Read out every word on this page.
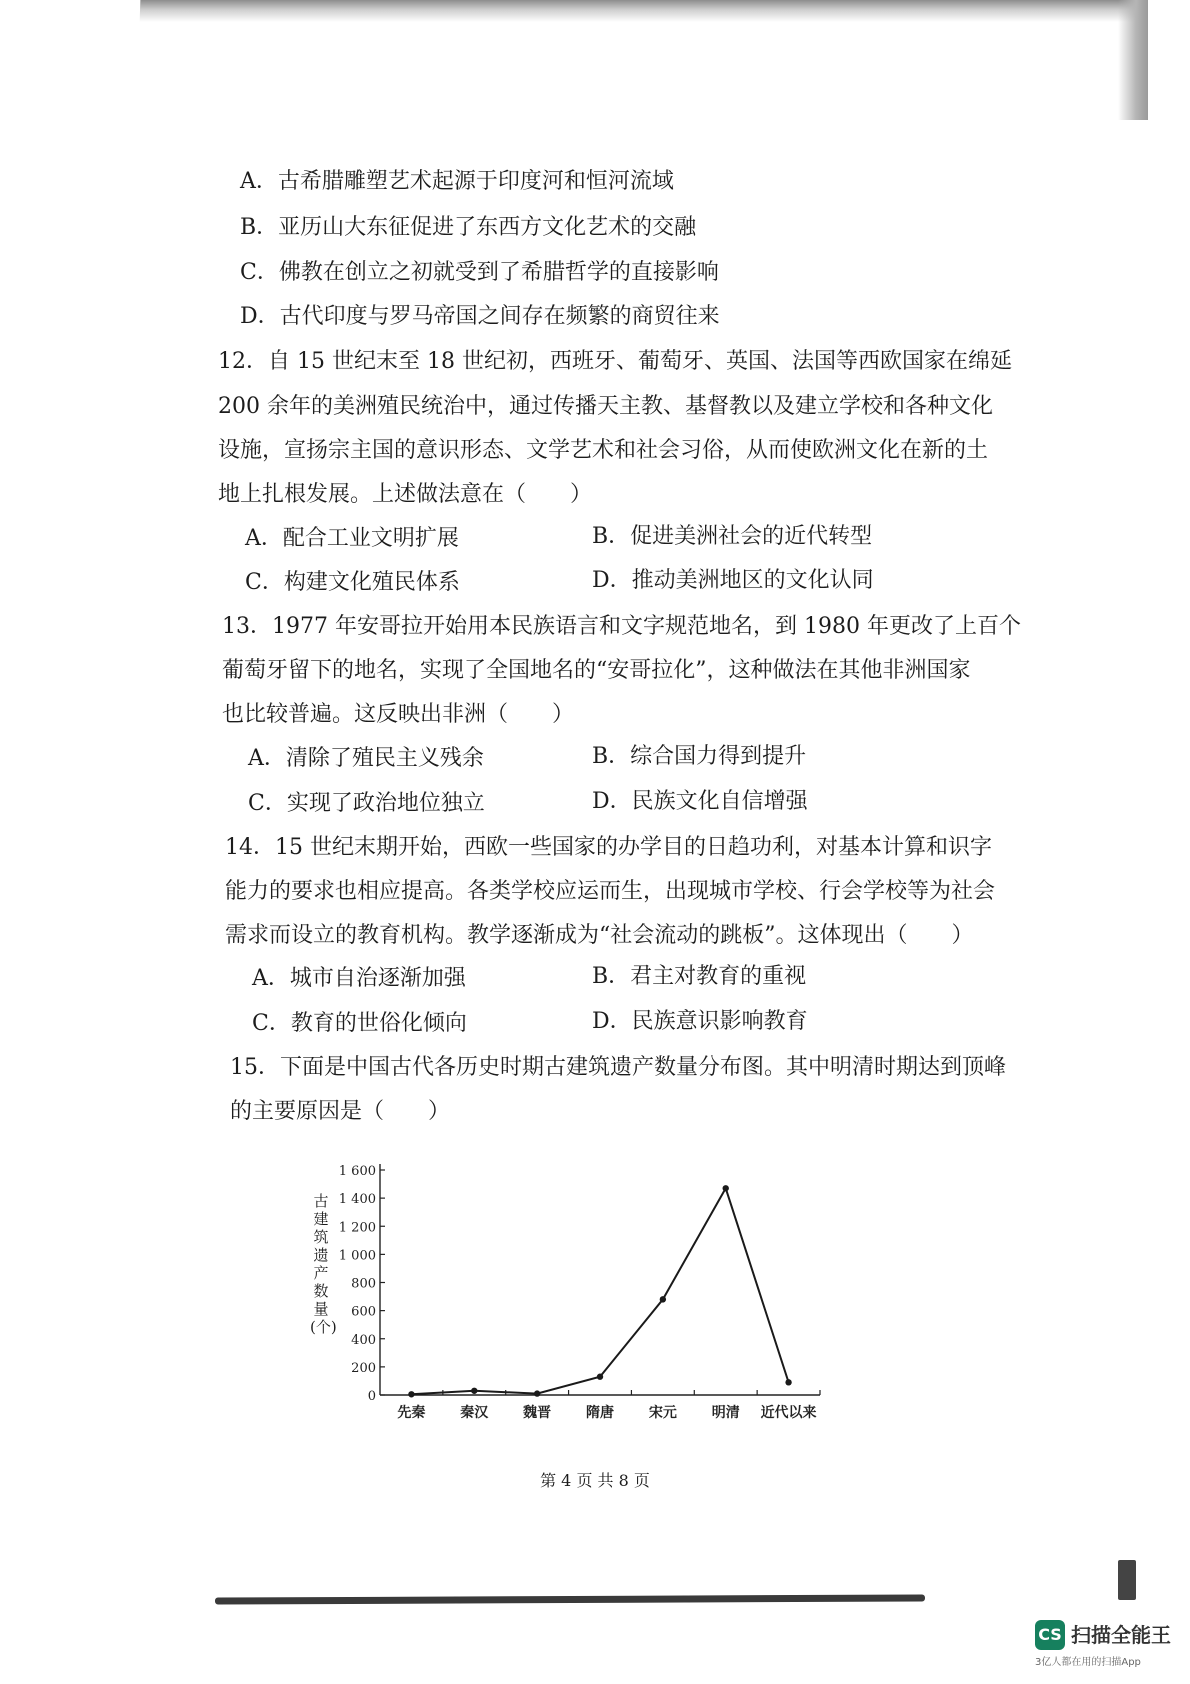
A．古希腊雕塑艺术起源于印度河和恒河流域
B．亚历山大东征促进了东西方文化艺术的交融
C．佛教在创立之初就受到了希腊哲学的直接影响
D．古代印度与罗马帝国之间存在频繁的商贸往来
12．自 15 世纪末至 18 世纪初，西班牙、葡萄牙、英国、法国等西欧国家在绵延
200 余年的美洲殖民统治中，通过传播天主教、基督教以及建立学校和各种文化
设施，宣扬宗主国的意识形态、文学艺术和社会习俗，从而使欧洲文化在新的土
地上扎根发展。上述做法意在（　　）
A．配合工业文明扩展	B．促进美洲社会的近代转型
C．构建文化殖民体系	D．推动美洲地区的文化认同
13．1977 年安哥拉开始用本民族语言和文字规范地名，到 1980 年更改了上百个
葡萄牙留下的地名，实现了全国地名的“安哥拉化”，这种做法在其他非洲国家
也比较普遍。这反映出非洲（　　）
A．清除了殖民主义残余	B．综合国力得到提升
C．实现了政治地位独立	D．民族文化自信增强
14．15 世纪末期开始，西欧一些国家的办学目的日趋功利，对基本计算和识字
能力的要求也相应提高。各类学校应运而生，出现城市学校、行会学校等为社会
需求而设立的教育机构。教学逐渐成为“社会流动的跳板”。这体现出（　　）
A．城市自治逐渐加强	B．君主对教育的重视
C．教育的世俗化倾向	D．民族意识影响教育
15．下面是中国古代各历史时期古建筑遗产数量分布图。其中明清时期达到顶峰
的主要原因是（　　）
古建筑遗产数量(个)
0
200
400
600
800
1 000
1 200
1 400
1 600
先秦 秦汉 魏晋 隋唐 宋元 明清 近代以来
第 4 页 共 8 页
CS 扫描全能王
3亿人都在用的扫描App
